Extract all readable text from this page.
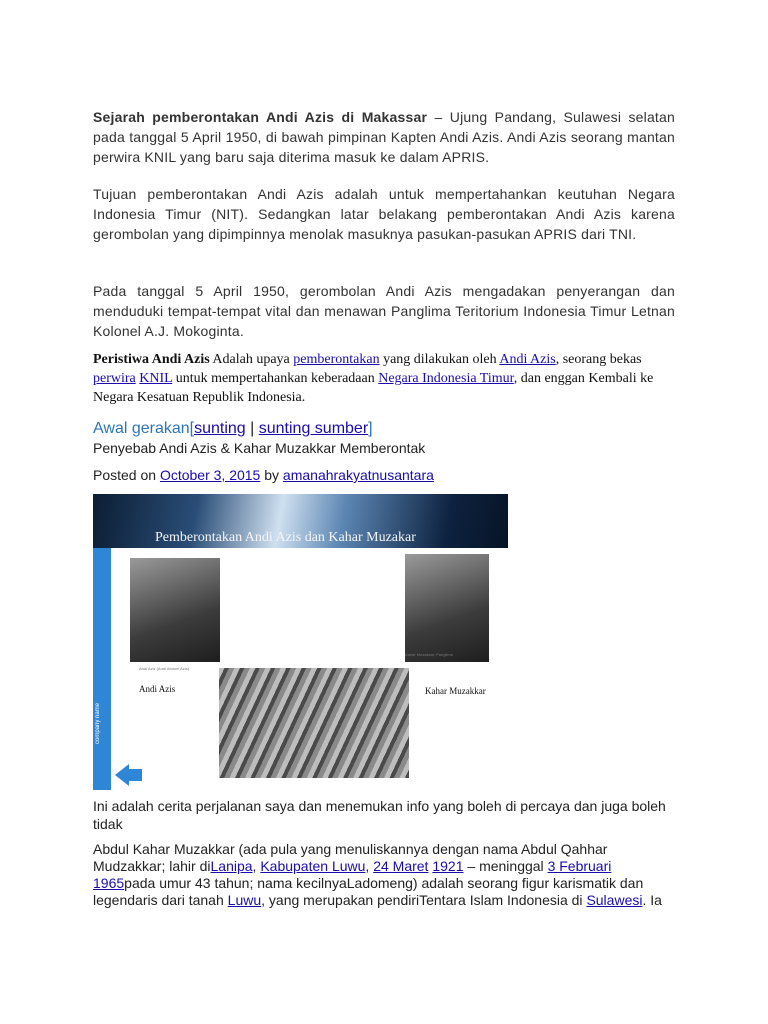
Sejarah pemberontakan Andi Azis di Makassar – Ujung Pandang, Sulawesi selatan pada tanggal 5 April 1950, di bawah pimpinan Kapten Andi Azis. Andi Azis seorang mantan perwira KNIL yang baru saja diterima masuk ke dalam APRIS.

Tujuan pemberontakan Andi Azis adalah untuk mempertahankan keutuhan Negara Indonesia Timur (NIT). Sedangkan latar belakang pemberontakan Andi Azis karena gerombolan yang dipimpinnya menolak masuknya pasukan-pasukan APRIS dari TNI.

Pada tanggal 5 April 1950, gerombolan Andi Azis mengadakan penyerangan dan menduduki tempat-tempat vital dan menawan Panglima Teritorium Indonesia Timur Letnan Kolonel A.J. Mokoginta.

Peristiwa Andi Azis Adalah upaya pemberontakan yang dilakukan oleh Andi Azis, seorang bekas perwira KNIL untuk mempertahankan keberadaan Negara Indonesia Timur, dan enggan Kembali ke Negara Kesatuan Republik Indonesia.

Awal gerakan[sunting | sunting sumber]
Penyebab Andi Azis & Kahar Muzakkar Memberontak
Posted on October 3, 2015 by amanahrakyatnusantara
Pemberontakan Andi Azis dan Kahar Muzakar
company name
Andi Aziz (Andi Abdoel Azis)
Kahar Muzakkar, Panglima
Andi Azis	Kahar Muzakkar

Ini adalah cerita perjalanan saya dan menemukan info yang boleh di percaya dan juga boleh tidak

Abdul Kahar Muzakkar (ada pula yang menuliskannya dengan nama Abdul Qahhar Mudzakkar; lahir diLanipa, Kabupaten Luwu, 24 Maret 1921 – meninggal 3 Februari 1965pada umur 43 tahun; nama kecilnyaLadomeng) adalah seorang figur karismatik dan legendaris dari tanah Luwu, yang merupakan pendiriTentara Islam Indonesia di Sulawesi. Ia
